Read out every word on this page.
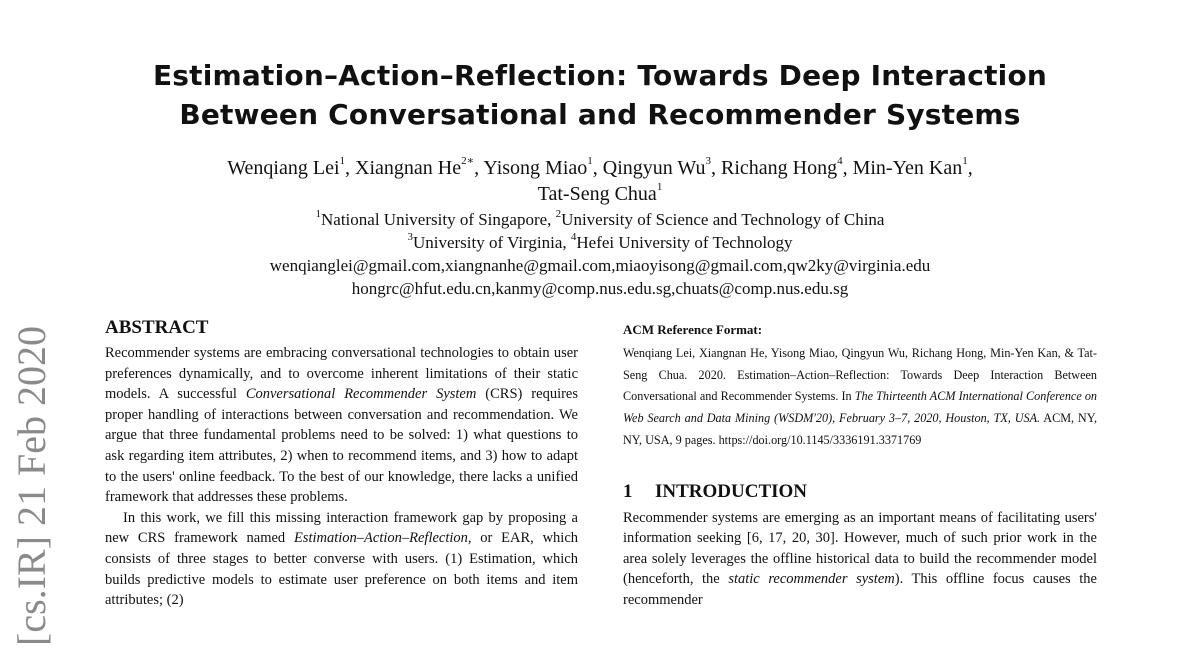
[cs.IR] 21 Feb 2020
Estimation–Action–Reflection: Towards Deep Interaction
Between Conversational and Recommender Systems
Wenqiang Lei$^1$, Xiangnan $He^{2∗}$, Yisong Miao$^1$, Qingyun Wu$^3$, Richang Hong$^4$, Min-Yen Kan$^1$,
Tat-Seng Chua$^1$
$^1$National University of Singapore, $^2$University of Science and Technology of China
$^3$University of Virginia, $^4$Hefei University of Technology
wenqianglei@gmail.com,xiangnanhe@gmail.com,miaoyisong@gmail.com,qw2ky@virginia.edu
hongrc@hfut.edu.cn,kanmy@comp.nus.edu.sg,chuats@comp.nus.edu.sg
ABSTRACT

Recommender systems are embracing conversational technologies to obtain user preferences dynamically, and to overcome inherent limitations of their static models. A successful Conversational Recommender System (CRS) requires proper handling of interactions between conversation and recommendation. We argue that three fundamental problems need to be solved: 1) what questions to ask regarding item attributes, 2) when to recommend items, and 3) how to adapt to the users' online feedback. To the best of our knowledge, there lacks a unified framework that addresses these problems.

In this work, we fill this missing interaction framework gap by proposing a new CRS framework named Estimation–Action–Reflection, or EAR, which consists of three stages to better converse with users. (1) Estimation, which builds predictive models to estimate user preference on both items and item attributes; (2)

ACM Reference Format:

Wenqiang Lei, Xiangnan He, Yisong Miao, Qingyun Wu, Richang Hong, Min-Yen Kan, & Tat-Seng Chua. 2020. Estimation–Action–Reflection: Towards Deep Interaction Between Conversational and Recommender Systems. In The Thirteenth ACM International Conference on Web Search and Data Mining (WSDM'20), February 3–7, 2020, Houston, TX, USA. ACM, NY, NY, USA, 9 pages. https://doi.org/10.1145/3336191.3371769

1 INTRODUCTION

Recommender systems are emerging as an important means of facilitating users' information seeking [6, 17, 20, 30]. However, much of such prior work in the area solely leverages the offline historical data to build the recommender model (henceforth, the static recommender system). This offline focus causes the recommender
